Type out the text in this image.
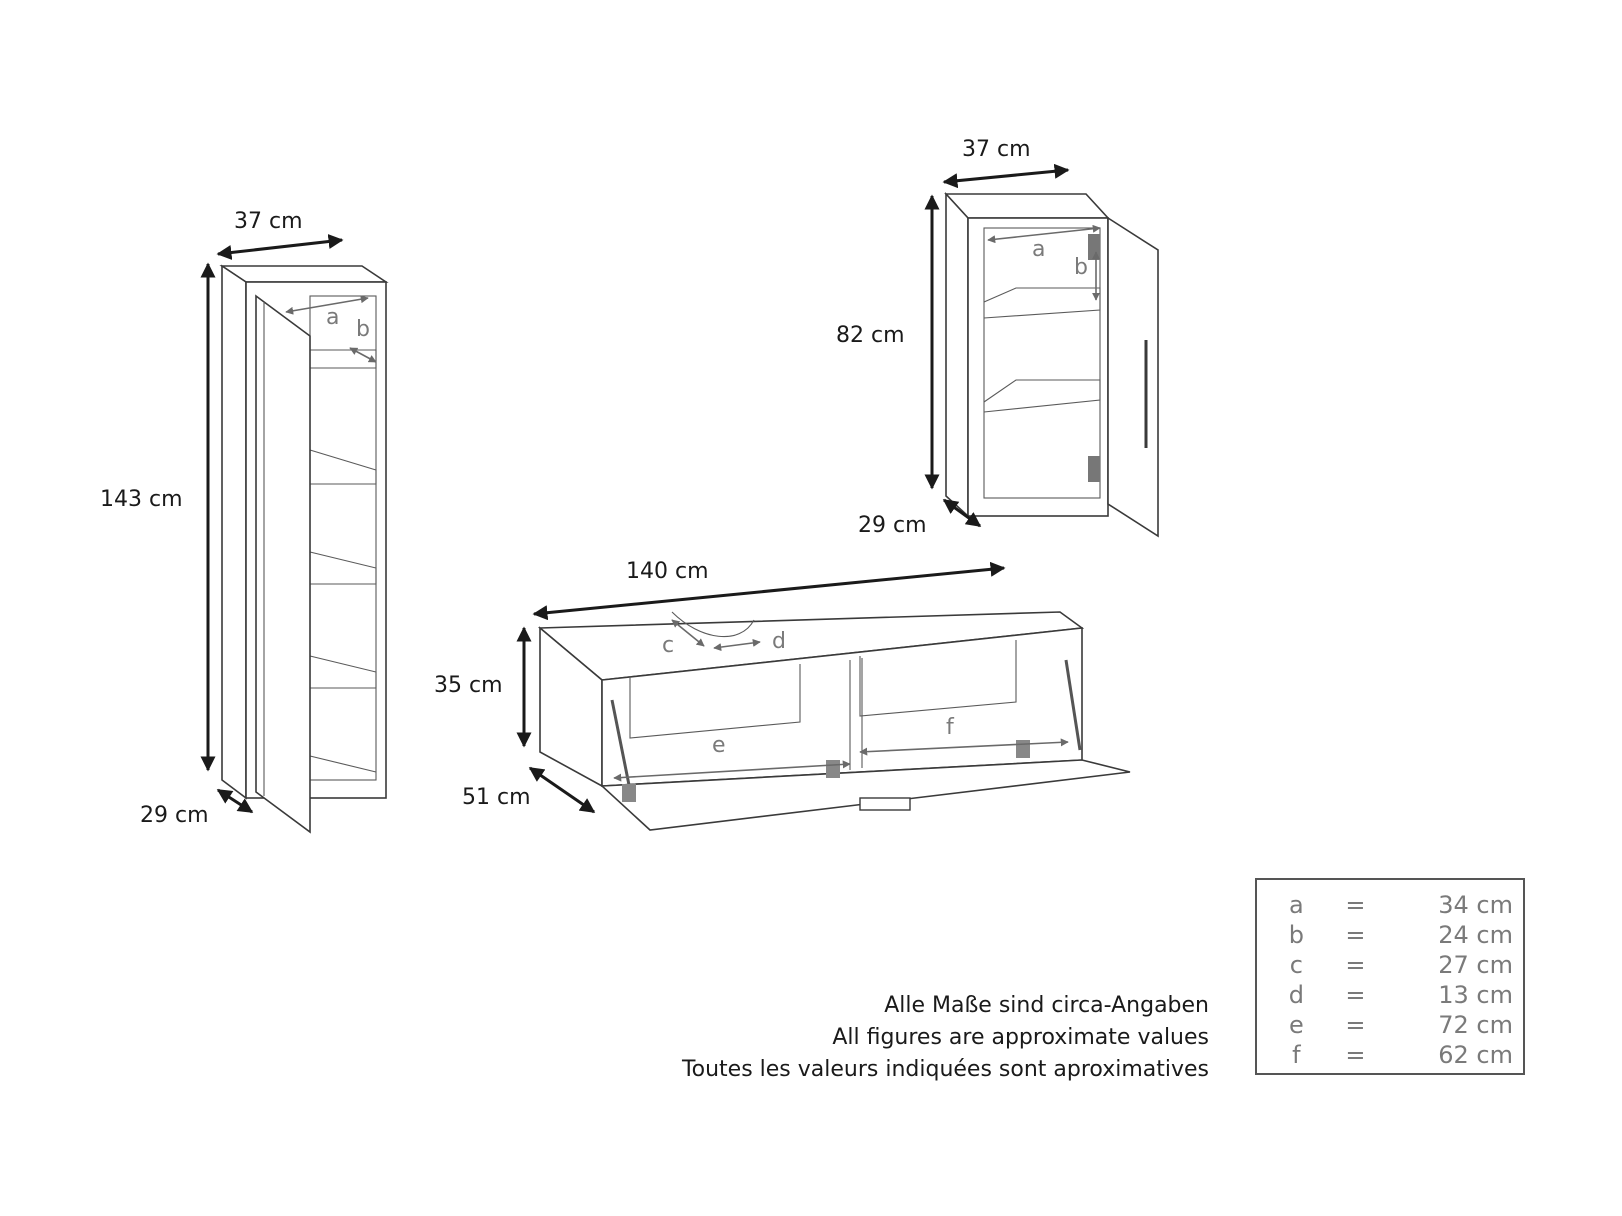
a b
37 cm
143 cm
29 cm
a
b
37 cm
82 cm
29 cm
c	d
e
f
140 cm
35 cm
51 cm
Alle Maße sind circa-Angaben
All figures are approximate values
Toutes les valeurs indiquées sont aproximatives
a	=	34 cm
b	=	24 cm
c	=	27 cm
d	=	13 cm
e	=	72 cm
f	=	62 cm
